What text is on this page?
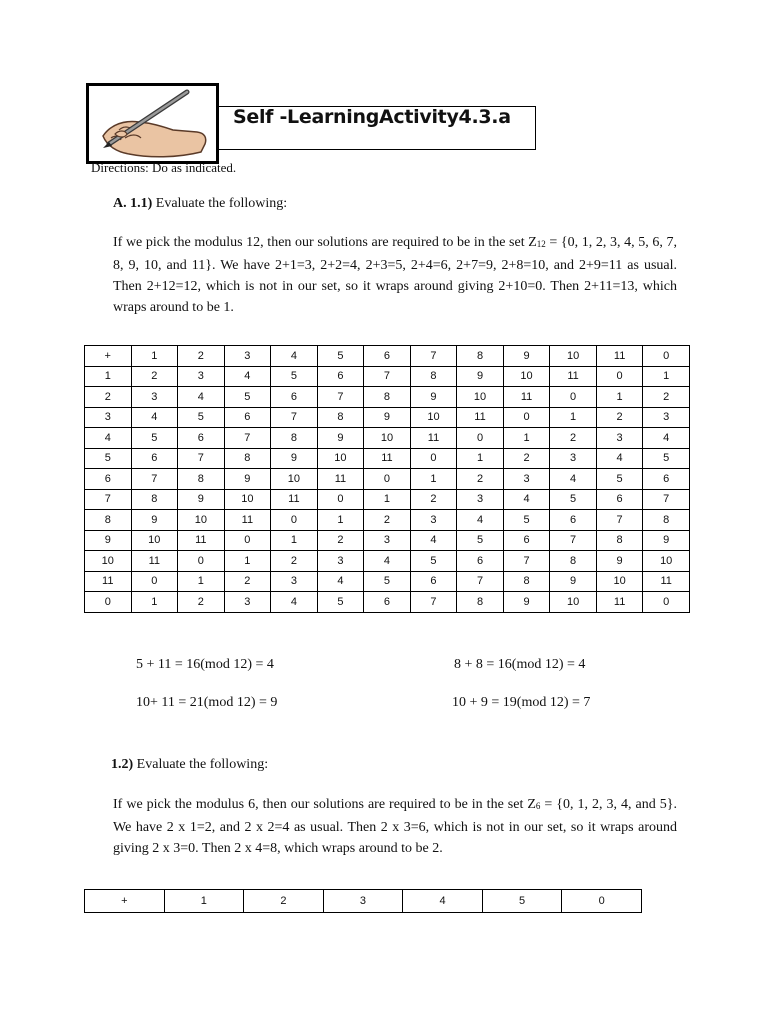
Self -LearningActivity4.3.a
Directions: Do as indicated.
A. 1.1) Evaluate the following:
If we pick the modulus 12, then our solutions are required to be in the set $Z_{12} = \{0$, 1, 2, 3, 4, 5, 6, 7, 8, 9, 10, and 11}. We have 2+1=3, 2+2=4, 2+3=5, 2+4=6, 2+7=9, 2+8=10, and 2+9=11 as usual. Then 2+12=12, which is not in our set, so it wraps around giving 2+10=0. Then 2+11=13, which wraps around to be 1.
+	1	2	3	4	5	6	7	8	9	10	11	0
1	2	3	4	5	6	7	8	9	10	11	0	1
2	3	4	5	6	7	8	9	10	11	0	1	2
3	4	5	6	7	8	9	10	11	0	1	2	3
4	5	6	7	8	9	10	11	0	1	2	3	4
5	6	7	8	9	10	11	0	1	2	3	4	5
6	7	8	9	10	11	0	1	2	3	4	5	6
7	8	9	10	11	0	1	2	3	4	5	6	7
8	9	10	11	0	1	2	3	4	5	6	7	8
9	10	11	0	1	2	3	4	5	6	7	8	9
10	11	0	1	2	3	4	5	6	7	8	9	10
11	0	1	2	3	4	5	6	7	8	9	10	11
0	1	2	3	4	5	6	7	8	9	10	11	0
5 + 11 = 16(mod 12) = 4	8 + 8 = 16(mod 12) = 4
10+ 11 = 21(mod 12) = 9	10 + 9 = 19(mod 12) = 7
1.2) Evaluate the following:
If we pick the modulus 6, then our solutions are required to be in the set $Z_6 = \{0$, 1, 2, 3, 4, and 5}. We have 2 x 1=2, and 2 x 2=4 as usual. Then 2 x 3=6, which is not in our set, so it wraps around giving 2 x 3=0. Then 2 x 4=8, which wraps around to be 2.
+	1	2	3	4	5	0
